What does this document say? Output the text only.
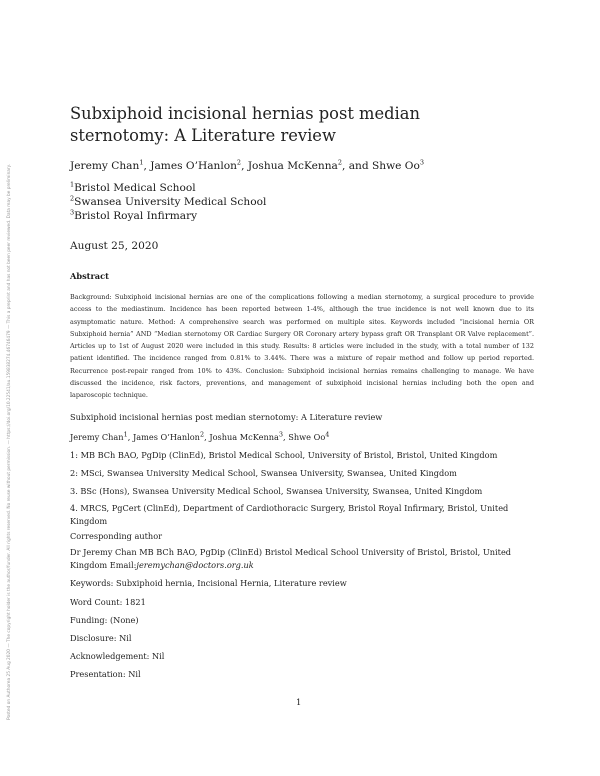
Posted on Authorea 25 Aug 2020 — The copyright holder is the author/funder. All rights reserved. No reuse without permission. — https://doi.org/10.22541/au.159838274.46746479 — This a preprint and has not been peer reviewed. Data may be preliminary.
Subxiphoid incisional hernias post median sternotomy: A Literature review
Jeremy Chan$^1$, James O’Hanlon$^2$, Joshua McKenna$^2$, and Shwe Oo$^3$
$^1$Bristol Medical School
$^2$Swansea University Medical School
$^3$Bristol Royal Infirmary
August 25, 2020
Abstract
Background: Subxiphoid incisional hernias are one of the complications following a median sternotomy, a surgical procedure to provide access to the mediastinum. Incidence has been reported between 1-4%, although the true incidence is not well known due to its asymptomatic nature. Method: A comprehensive search was performed on multiple sites. Keywords included “incisional hernia OR Subxiphoid hernia” AND “Median sternotomy OR Cardiac Surgery OR Coronary artery bypass graft OR Transplant OR Valve replacement”. Articles up to 1st of August 2020 were included in this study. Results: 8 articles were included in the study, with a total number of 132 patient identified. The incidence ranged from 0.81% to 3.44%. There was a mixture of repair method and follow up period reported. Recurrence post-repair ranged from 10% to 43%. Conclusion: Subxiphoid incisional hernias remains challenging to manage. We have discussed the incidence, risk factors, preventions, and management of subxiphoid incisional hernias including both the open and laparoscopic technique.
Subxiphoid incisional hernias post median sternotomy: A Literature review
Jeremy Chan$^1$, James O’Hanlon$^2$, Joshua McKenna$^3$, Shwe Oo$^4$
1: MB BCh BAO, PgDip (ClinEd), Bristol Medical School, University of Bristol, Bristol, United Kingdom
2: MSci, Swansea University Medical School, Swansea University, Swansea, United Kingdom
3. BSc (Hons), Swansea University Medical School, Swansea University, Swansea, United Kingdom
4. MRCS, PgCert (ClinEd), Department of Cardiothoracic Surgery, Bristol Royal Infirmary, Bristol, United Kingdom
Corresponding author
Dr Jeremy Chan MB BCh BAO, PgDip (ClinEd) Bristol Medical School University of Bristol, Bristol, United Kingdom Email:jeremychan@doctors.org.uk
Keywords: Subxiphoid hernia, Incisional Hernia, Literature review
Word Count: 1821
Funding: (None)
Disclosure: Nil
Acknowledgement: Nil
Presentation: Nil
1
